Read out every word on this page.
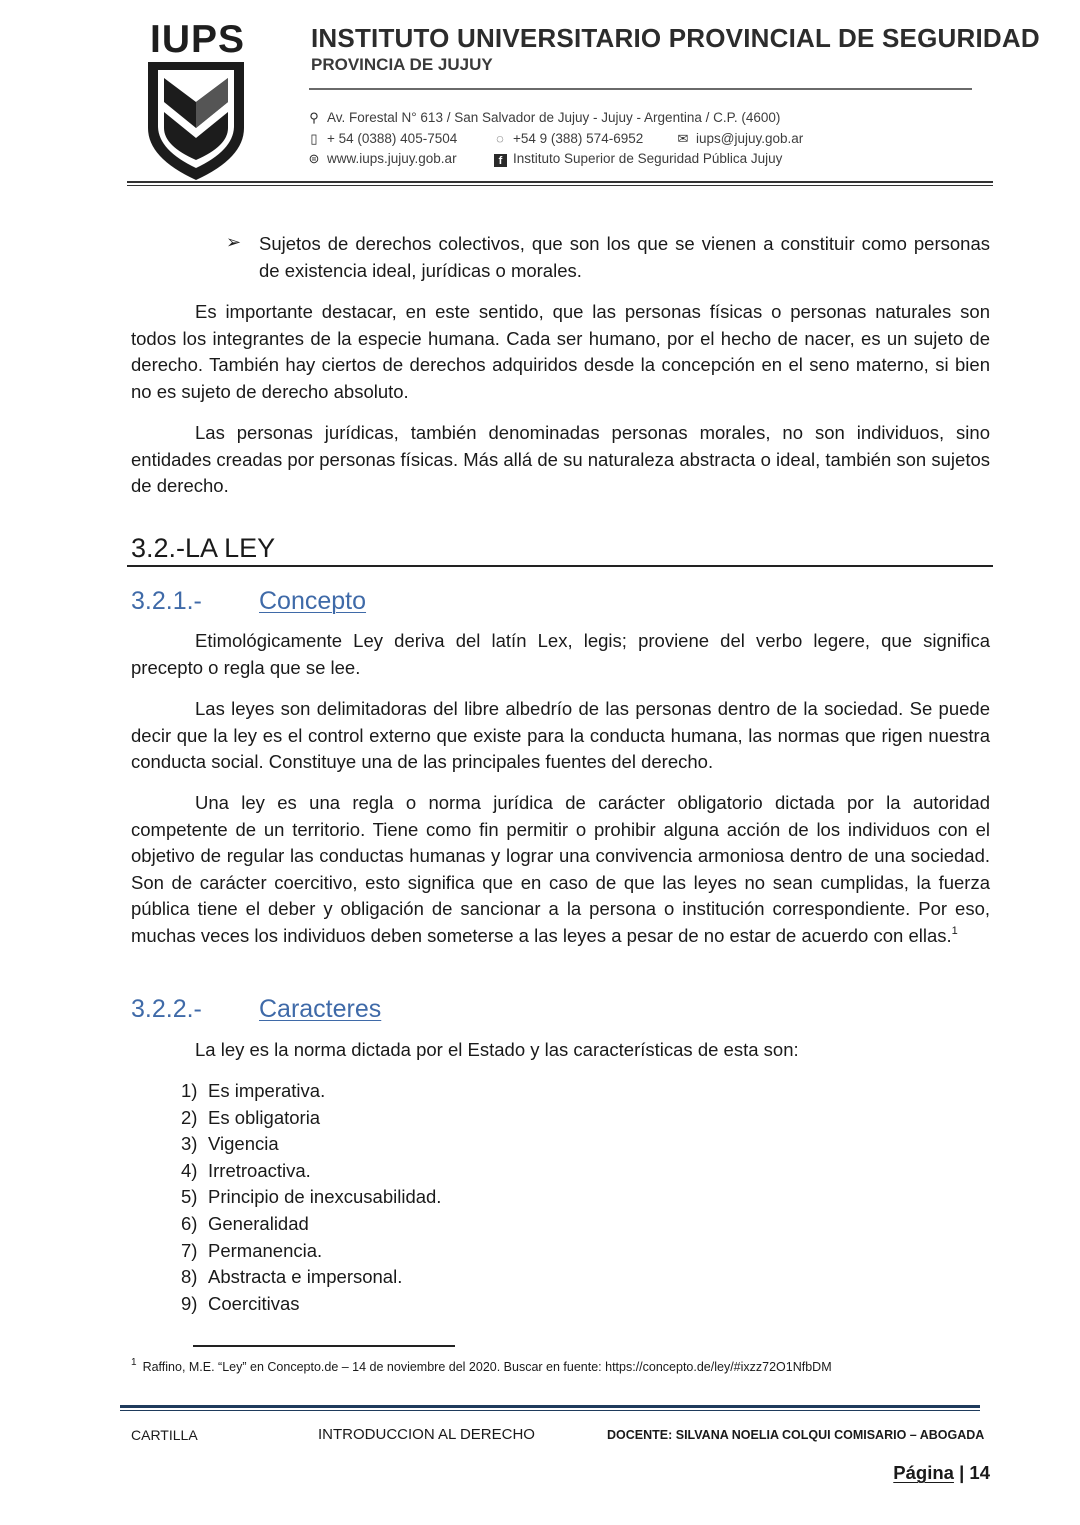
IUPS	INSTITUTO UNIVERSITARIO PROVINCIAL DE SEGURIDAD
PROVINCIA DE JUJUY
⚲ Av. Forestal N° 613 / San Salvador de Jujuy - Jujuy - Argentina / C.P. (4600)
▯ + 54 (0388) 405-7504	◌ +54 9 (388) 574-6952	✉ iups@jujuy.gob.ar
⊜ www.iups.jujuy.gob.ar	f Instituto Superior de Seguridad Pública Jujuy
➢ Sujetos de derechos colectivos, que son los que se vienen a constituir como personas de existencia ideal, jurídicas o morales.

Es importante destacar, en este sentido, que las personas físicas o personas naturales son todos los integrantes de la especie humana. Cada ser humano, por el hecho de nacer, es un sujeto de derecho. También hay ciertos de derechos adquiridos desde la concepción en el seno materno, si bien no es sujeto de derecho absoluto.

Las personas jurídicas, también denominadas personas morales, no son individuos, sino entidades creadas por personas físicas. Más allá de su naturaleza abstracta o ideal, también son sujetos de derecho.

3.2.-LA LEY
3.2.1.- Concepto

Etimológicamente Ley deriva del latín Lex, legis; proviene del verbo legere, que significa precepto o regla que se lee.

Las leyes son delimitadoras del libre albedrío de las personas dentro de la sociedad. Se puede decir que la ley es el control externo que existe para la conducta humana, las normas que rigen nuestra conducta social. Constituye una de las principales fuentes del derecho.

Una ley es una regla o norma jurídica de carácter obligatorio dictada por la autoridad competente de un territorio. Tiene como fin permitir o prohibir alguna acción de los individuos con el objetivo de regular las conductas humanas y lograr una convivencia armoniosa dentro de una sociedad. Son de carácter coercitivo, esto significa que en caso de que las leyes no sean cumplidas, la fuerza pública tiene el deber y obligación de sancionar a la persona o institución correspondiente. Por eso, muchas veces los individuos deben someterse a las leyes a pesar de no estar de acuerdo con ellas.$^1$

3.2.2.- Caracteres

La ley es la norma dictada por el Estado y las características de esta son:

1) Es imperativa.
2) Es obligatoria
3) Vigencia
4) Irretroactiva.
5) Principio de inexcusabilidad.
6) Generalidad
7) Permanencia.
8) Abstracta e impersonal.
9) Coercitivas
$^1$ Raffino, M.E. “Ley” en Concepto.de – 14 de noviembre del 2020. Buscar en fuente: https://concepto.de/ley/#ixzz72O1NfbDM
CARTILLA	INTRODUCCION AL DERECHO	DOCENTE: SILVANA NOELIA COLQUI COMISARIO – ABOGADA
Página | 14
